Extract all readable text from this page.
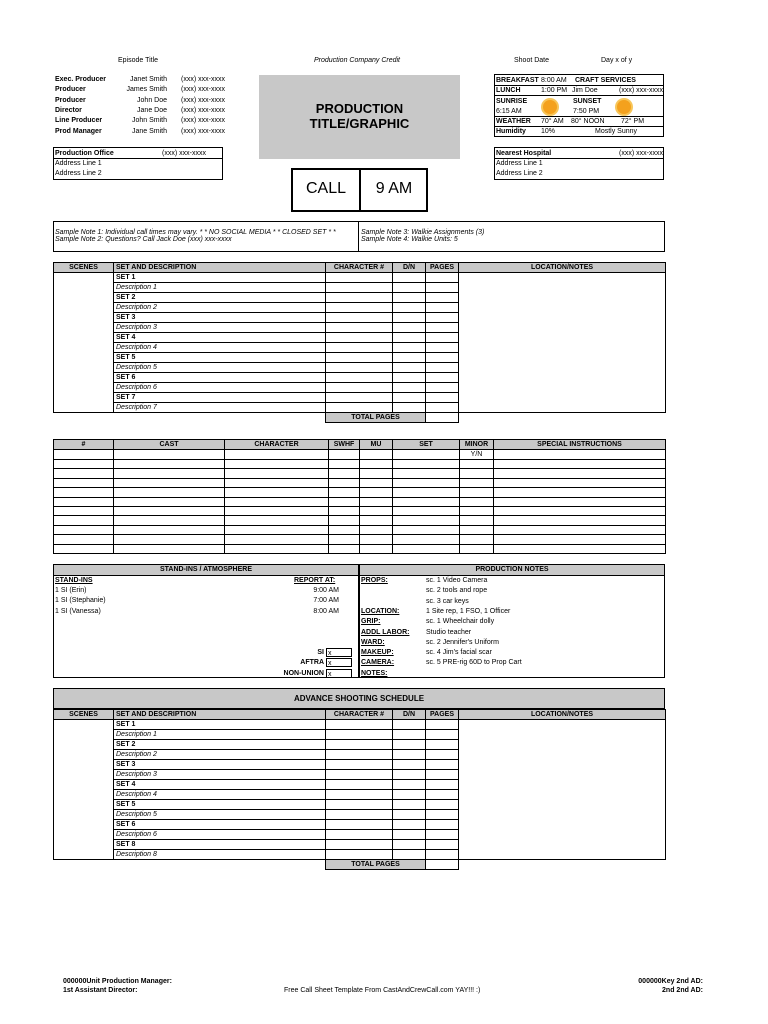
Episode Title	Production Company Credit	Shoot Date	Day x of y
Exec. Producer	Janet Smith (xxx) xxx-xxxx
Producer	James Smith (xxx) xxx-xxxx
Producer	John Doe (xxx) xxx-xxxx
Director	Jane Doe (xxx) xxx-xxxx
Line Producer	John Smith (xxx) xxx-xxxx
Prod Manager	Jane Smith (xxx) xxx-xxxx
PRODUCTION
TITLE/GRAPHIC
CALL	9 AM
BREAKFAST 8:00 AM CRAFT SERVICES
LUNCH	1:00 PM Jim Doe	(xxx) xxx-xxxx
SUNRISE	SUNSET
6:15 AM	7:50 PM
WEATHER 70° AM 80° NOON 72° PM
Humidity 10%	Mostly Sunny
Production Office	(xxx) xxx-xxxx
Address Line 1
Address Line 2
Nearest Hospital	(xxx) xxx-xxxx
Address Line 1
Address Line 2
Sample Note 1: Individual call times may vary. * * NO SOCIAL MEDIA * * CLOSED SET * *
Sample Note 2: Questions? Call Jack Doe (xxx) xxx-xxxx
Sample Note 3: Walkie Assignments (3)
Sample Note 4: Walkie Units: 5
SCENES	SET AND DESCRIPTION	CHARACTER #	D/N	PAGES	LOCATION/NOTES
	SET 1				
	Description 1				
	SET 2				
	Description 2				
	SET 3				
	Description 3				
	SET 4				
	Description 4				
	SET 5				
	Description 5				
	SET 6				
	Description 6				
	SET 7				
	Description 7				
		TOTAL PAGES			
#	CAST	CHARACTER	SWHF	MU	SET	MINOR	SPECIAL INSTRUCTIONS
						Y/N	

STAND-INS / ATMOSPHERE
STAND-INS	REPORT AT:
1 SI (Erin)	9:00 AM
1 SI (Stephanie)	7:00 AM
1 SI (Vanessa)	8:00 AM
SI x
AFTRA x
NON-UNION x
PRODUCTION NOTES
PROPS:	sc. 1 Video Camera
sc. 2 tools and rope
sc. 3 car keys
LOCATION:	1 Site rep, 1 FSO, 1 Officer
GRIP:	sc. 1 Wheelchair dolly
ADDL LABOR: Studio teacher
WARD:	sc. 2 Jennifer's Uniform
MAKEUP:	sc. 4 Jim's facial scar
CAMERA:	sc. 5 PRE-rig 60D to Prop Cart
NOTES:
ADVANCE SHOOTING SCHEDULE
SCENES	SET AND DESCRIPTION	CHARACTER #	D/N	PAGES	LOCATION/NOTES
	SET 1				
	Description 1				
	SET 2				
	Description 2				
	SET 3				
	Description 3				
	SET 4				
	Description 4				
	SET 5				
	Description 5				
	SET 6				
	Description 6				
	SET 8				
	Description 8				
		TOTAL PAGES			
000000Unit Production Manager:
1st Assistant Director:	Free Call Sheet Template From CastAndCrewCall.com YAY!!! :)
000000Key 2nd AD:
2nd 2nd AD:
